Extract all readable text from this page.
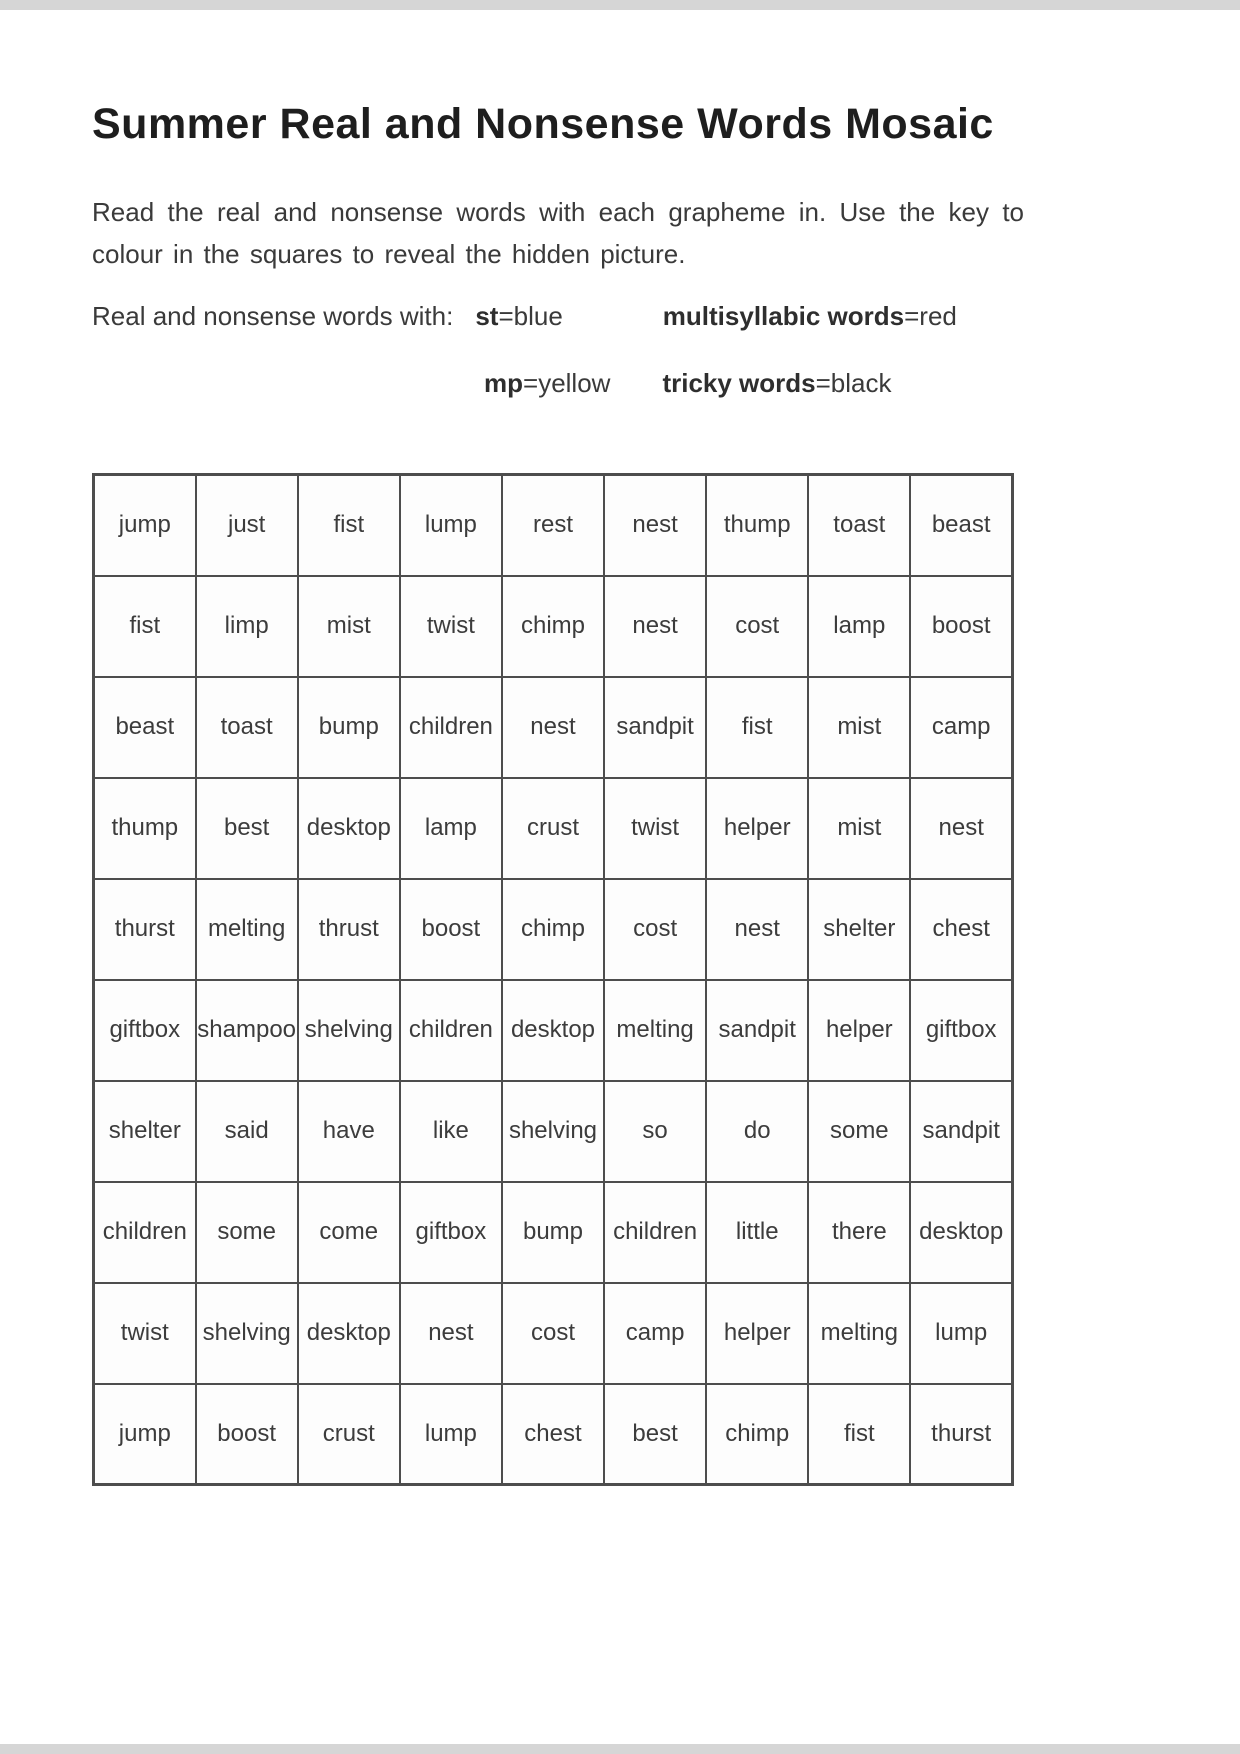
Summer Real and Nonsense Words Mosaic

Read the real and nonsense words with each grapheme in. Use the key to colour in the squares to reveal the hidden picture.

Real and nonsense words with: st = blue	multisyllabic words = red
mp = yellow tricky words = black
jump	just	fist	lump	rest	nest	thump	toast	beast
fist	limp	mist	twist	chimp	nest	cost	lamp	boost
beast	toast	bump	children	nest	sandpit	fist	mist	camp
thump	best	desktop	lamp	crust	twist	helper	mist	nest
thurst	melting	thrust	boost	chimp	cost	nest	shelter	chest
giftbox	shampoo	shelving	children	desktop	melting	sandpit	helper	giftbox
shelter	said	have	like	shelving	so	do	some	sandpit
children	some	come	giftbox	bump	children	little	there	desktop
twist	shelving	desktop	nest	cost	camp	helper	melting	lump
jump	boost	crust	lump	chest	best	chimp	fist	thurst
